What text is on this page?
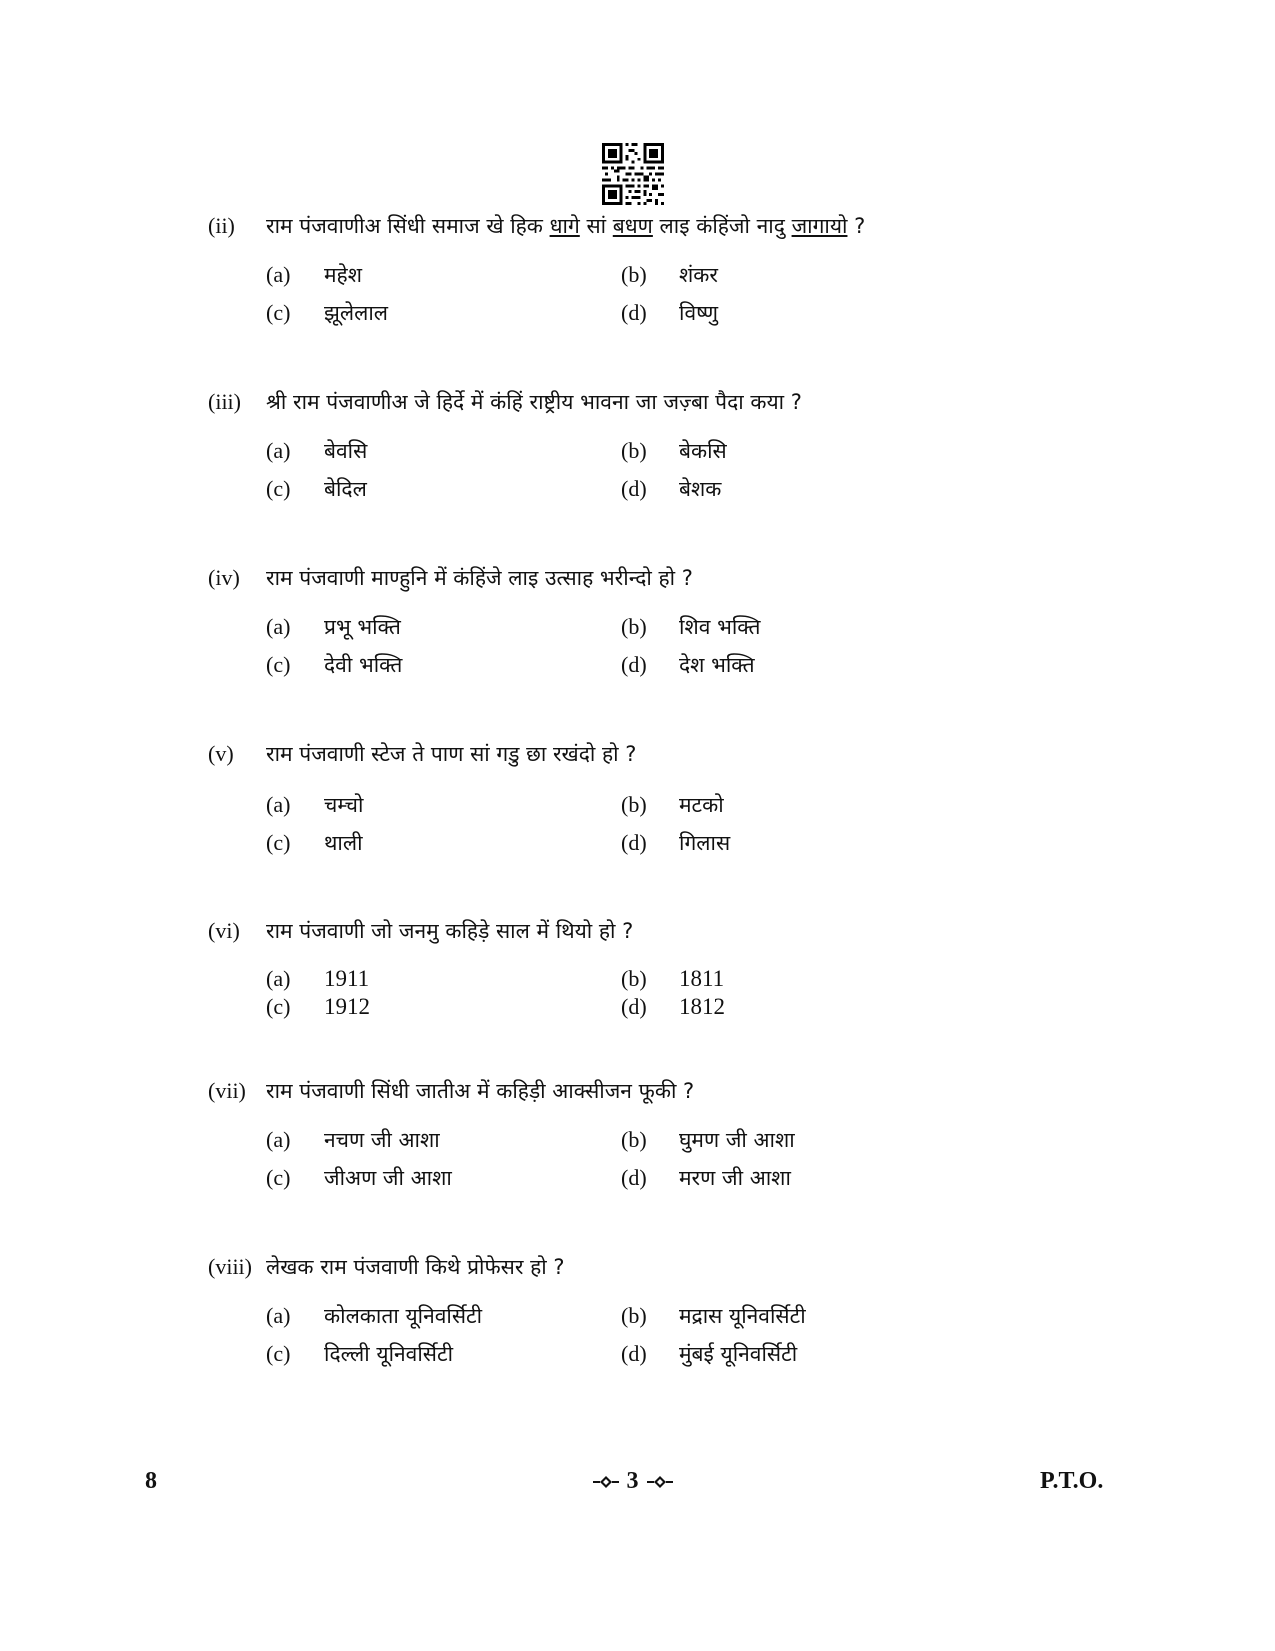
(ii)	राम पंजवाणीअ सिंधी समाज खे हिक धागे सां बधण लाइ कंहिंजो नादु जागायो ?
(a)	महेश	(b)	शंकर
(c)	झूलेलाल	(d)	विष्णु
(iii)	श्री राम पंजवाणीअ जे हिर्दे में कंहिं राष्ट्रीय भावना जा जज़्बा पैदा कया ?
(a)	बेवसि	(b)	बेकसि
(c)	बेदिल	(d)	बेशक
(iv)	राम पंजवाणी माण्हुनि में कंहिंजे लाइ उत्साह भरीन्दो हो ?
(a)	प्रभू भक्ति	(b)	शिव भक्ति
(c)	देवी भक्ति	(d)	देश भक्ति
(v)	राम पंजवाणी स्टेज ते पाण सां गडु छा रखंदो हो ?
(a)	चम्चो	(b)	मटको
(c)	थाली	(d)	गिलास
(vi)	राम पंजवाणी जो जनमु कहिड़े साल में थियो हो ?
(a)	1911	(b)	1811
(c)	1912	(d)	1812
(vii) राम पंजवाणी सिंधी जातीअ में कहिड़ी आक्सीजन फूकी ?
(a)	नचण जी आशा	(b)	घुमण जी आशा
(c)	जीअण जी आशा	(d)	मरण जी आशा
(viii) लेखक राम पंजवाणी किथे प्रोफेसर हो ?
(a)	कोलकाता यूनिवर्सिटी	(b)	मद्रास यूनिवर्सिटी
(c)	दिल्ली यूनिवर्सिटी	(d)	मुंबई यूनिवर्सिटी
8	3	P.T.O.
